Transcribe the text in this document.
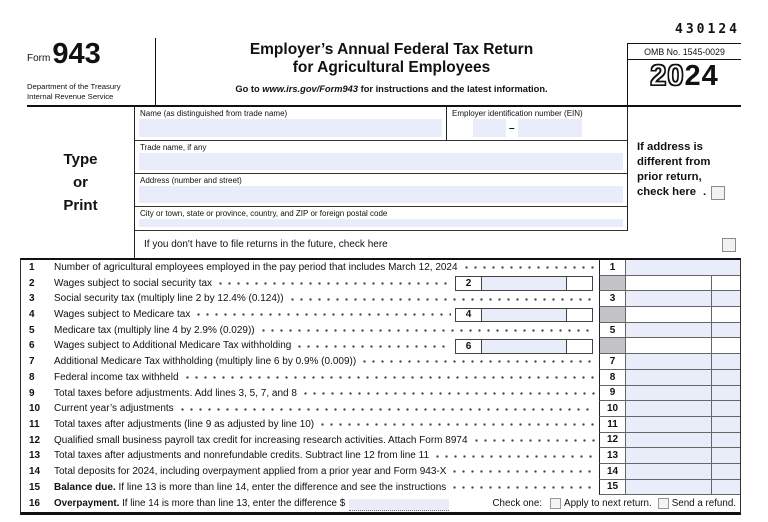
430124
Form 943
Department of the Treasury
Internal Revenue Service
Employer’s Annual Federal Tax Return
for Agricultural Employees
Go to www.irs.gov/Form943 for instructions and the latest information.
OMB No. 1545-0029
2024
Type
or
Print
Name (as distinguished from trade name)	Employer identification number (EIN)
–
Trade name, if any
Address (number and street)
City or town, state or province, country, and ZIP or foreign postal code
If address is
different from
prior return,
check here .
If you don't have to file returns in the future, check here
1	Number of agricultural employees employed in the pay period that includes March 12, 2024	1
2	Wages subject to social security tax	2
3	Social security tax (multiply line 2 by 12.4% (0.124))	3
4	Wages subject to Medicare tax	4
5	Medicare tax (multiply line 4 by 2.9% (0.029))	5
6	Wages subject to Additional Medicare Tax withholding	6
7	Additional Medicare Tax withholding (multiply line 6 by 0.9% (0.009))	7
8	Federal income tax withheld	8
9	Total taxes before adjustments. Add lines 3, 5, 7, and 8	9
10	Current year’s adjustments	10
11	Total taxes after adjustments (line 9 as adjusted by line 10)	11
12	Qualified small business payroll tax credit for increasing research activities. Attach Form 8974	12
13	Total taxes after adjustments and nonrefundable credits. Subtract line 12 from line 11	13
14	Total deposits for 2024, including overpayment applied from a prior year and Form 943-X	14
15	Balance due. If line 13 is more than line 14, enter the difference and see the instructions	15
16	Overpayment. If line 14 is more than line 13, enter the difference $	Check one: Apply to next return. Send a refund.
